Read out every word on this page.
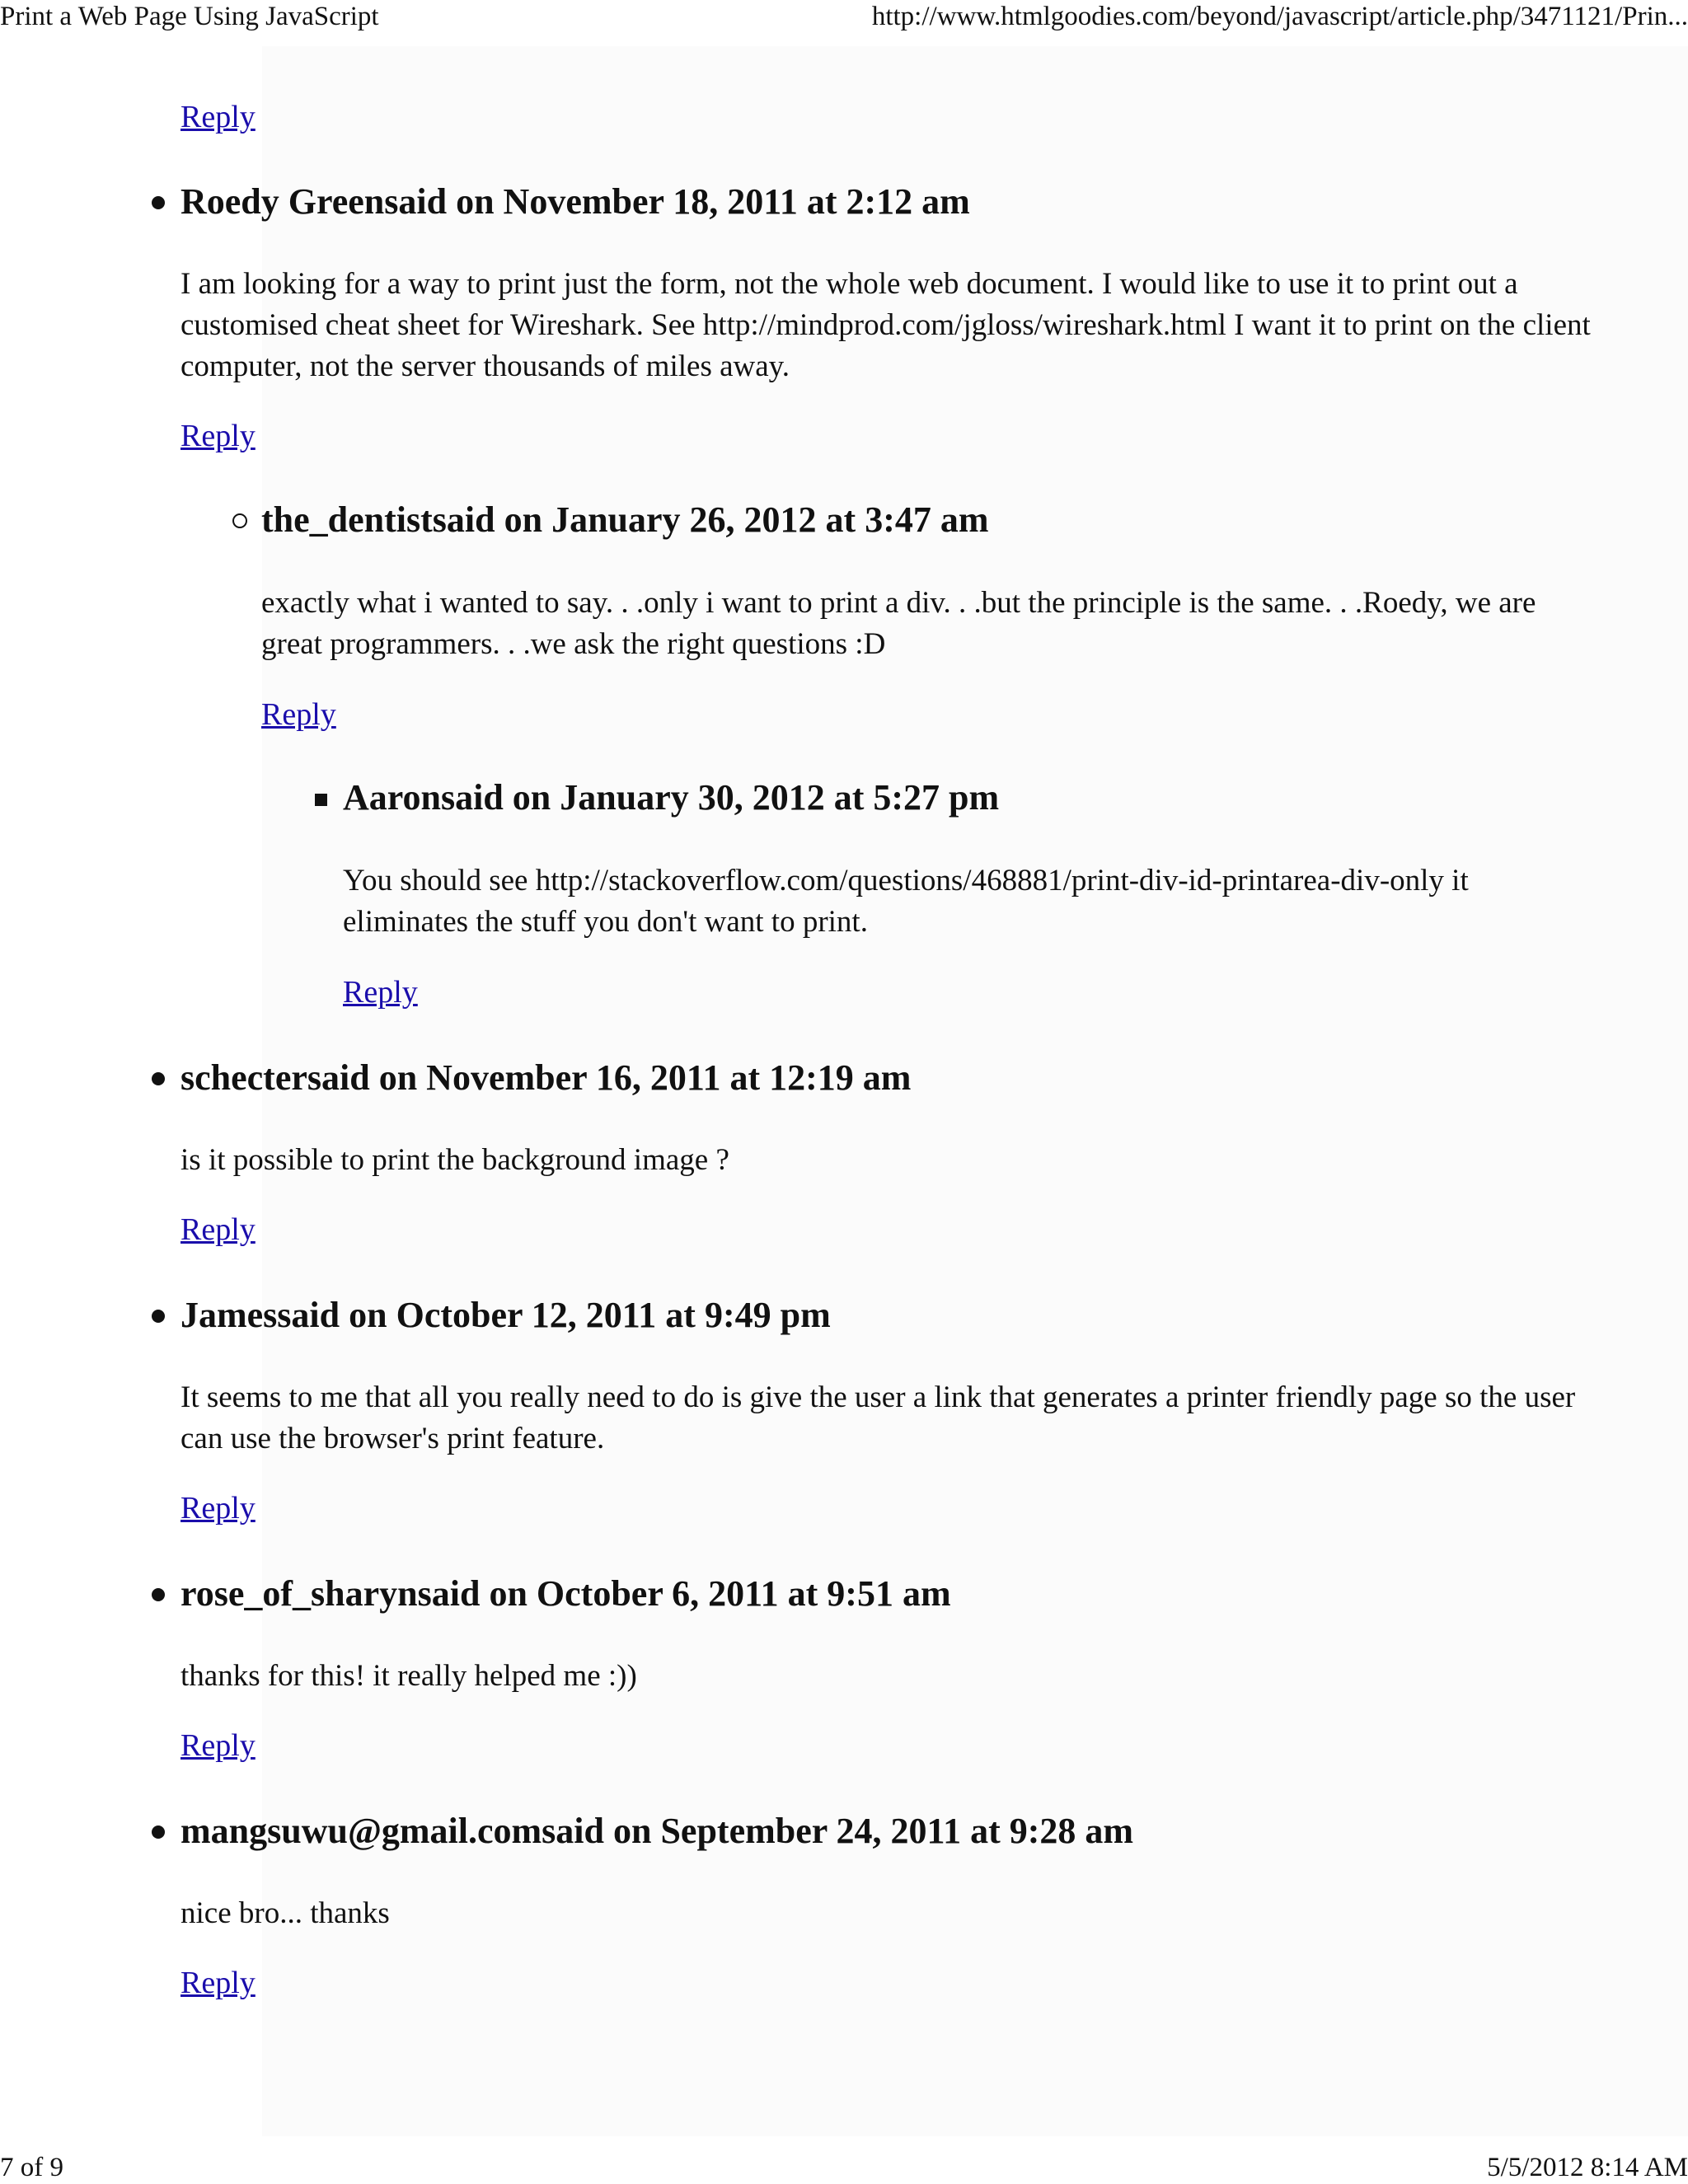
Print a Web Page Using JavaScript	http://www.htmlgoodies.com/beyond/javascript/article.php/3471121/Prin...
Reply
Roedy Greensaid on November 18, 2011 at 2:12 am
I am looking for a way to print just the form, not the whole web document. I would like to use it to print out a customised cheat sheet for Wireshark. See http://mindprod.com/jgloss/wireshark.html I want it to print on the client computer, not the server thousands of miles away.
Reply
the_dentistsaid on January 26, 2012 at 3:47 am
exactly what i wanted to say. . .only i want to print a div. . .but the principle is the same. . .Roedy, we are great programmers. . .we ask the right questions :D
Reply
Aaronsaid on January 30, 2012 at 5:27 pm
You should see http://stackoverflow.com/questions/468881/print-div-id-printarea-div-only it eliminates the stuff you don't want to print.
Reply
schectersaid on November 16, 2011 at 12:19 am
is it possible to print the background image ?
Reply
Jamessaid on October 12, 2011 at 9:49 pm
It seems to me that all you really need to do is give the user a link that generates a printer friendly page so the user can use the browser's print feature.
Reply
rose_of_sharynsaid on October 6, 2011 at 9:51 am
thanks for this! it really helped me :))
Reply
mangsuwu@gmail.comsaid on September 24, 2011 at 9:28 am
nice bro... thanks
Reply
7 of 9	5/5/2012 8:14 AM
